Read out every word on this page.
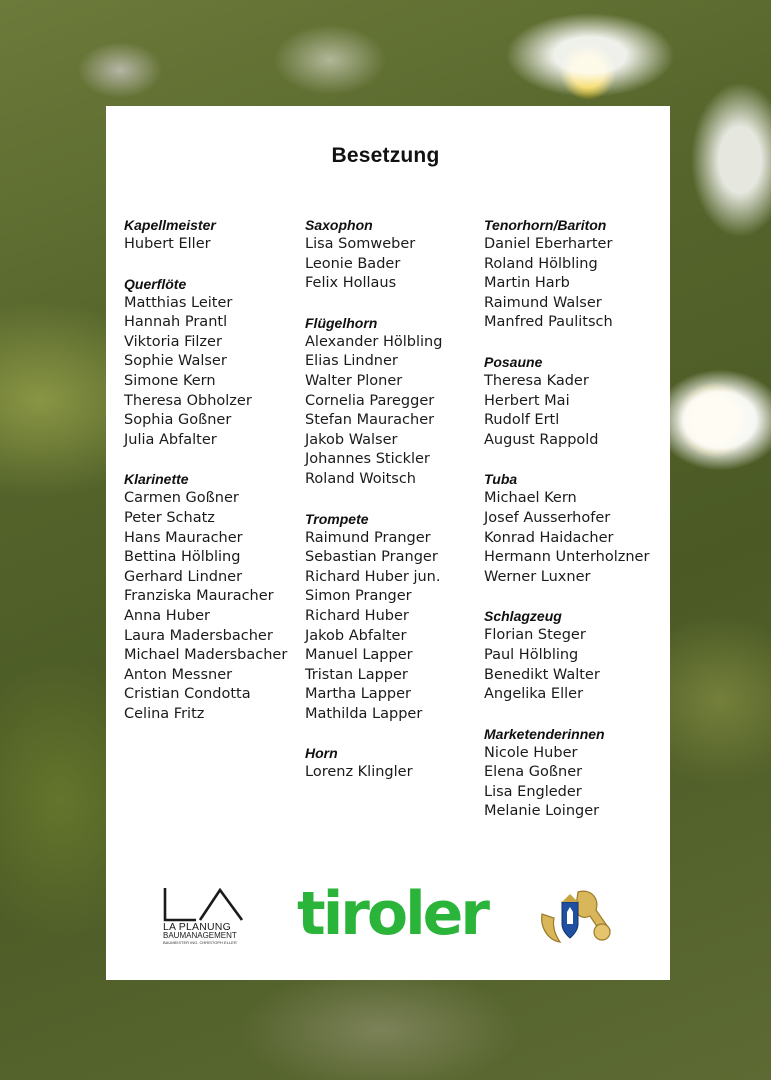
Besetzung
Kapellmeister
Hubert Eller
Querflöte
Matthias Leiter
Hannah Prantl
Viktoria Filzer
Sophie Walser
Simone Kern
Theresa Obholzer
Sophia Goßner
Julia Abfalter
Klarinette
Carmen Goßner
Peter Schatz
Hans Mauracher
Bettina Hölbling
Gerhard Lindner
Franziska Mauracher
Anna Huber
Laura Madersbacher
Michael Madersbacher
Anton Messner
Cristian Condotta
Celina Fritz
Saxophon
Lisa Somweber
Leonie Bader
Felix Hollaus
Flügelhorn
Alexander Hölbling
Elias Lindner
Walter Ploner
Cornelia Paregger
Stefan Mauracher
Jakob Walser
Johannes Stickler
Roland Woitsch
Trompete
Raimund Pranger
Sebastian Pranger
Richard Huber jun.
Simon Pranger
Richard Huber
Jakob Abfalter
Manuel Lapper
Tristan Lapper
Martha Lapper
Mathilda Lapper
Horn
Lorenz Klingler
Tenorhorn/Bariton
Daniel Eberharter
Roland Hölbling
Martin Harb
Raimund Walser
Manfred Paulitsch
Posaune
Theresa Kader
Herbert Mai
Rudolf Ertl
August Rappold
Tuba
Michael Kern
Josef Ausserhofer
Konrad Haidacher
Hermann Unterholzner
Werner Luxner
Schlagzeug
Florian Steger
Paul Hölbling
Benedikt Walter
Angelika Eller
Marketenderinnen
Nicole Huber
Elena Goßner
Lisa Engleder
Melanie Loinger
LA PLANUNG
BAUMANAGEMENT
BAUMEISTER ING. CHRISTOPH ELLER tiroler
